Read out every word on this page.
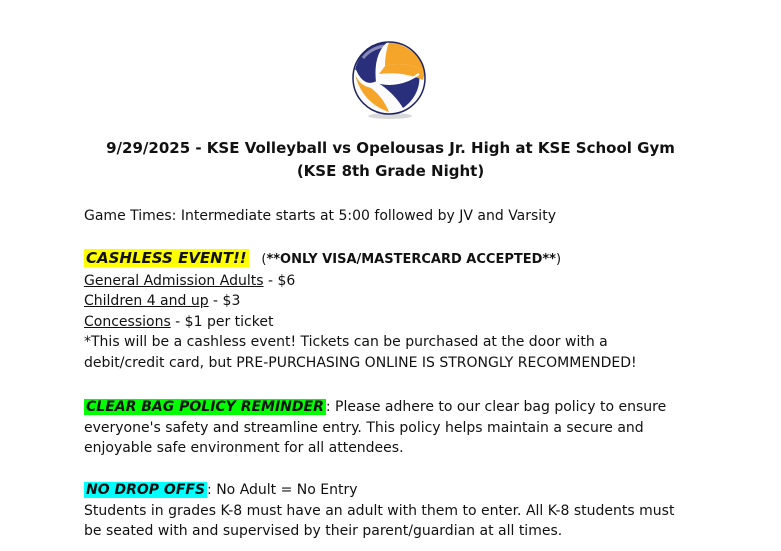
9/29/2025 - KSE Volleyball vs Opelousas Jr. High at KSE School Gym
(KSE 8th Grade Night)
Game Times: Intermediate starts at 5:00 followed by JV and Varsity
CASHLESS EVENT!! (**ONLY VISA/MASTERCARD ACCEPTED**)
General Admission Adults - $6
Children 4 and up - $3
Concessions - $1 per ticket
*This will be a cashless event! Tickets can be purchased at the door with a
debit/credit card, but PRE-PURCHASING ONLINE IS STRONGLY RECOMMENDED!
CLEAR BAG POLICY REMINDER : Please adhere to our clear bag policy to ensure
everyone's safety and streamline entry. This policy helps maintain a secure and
enjoyable safe environment for all attendees.
NO DROP OFFS : No Adult = No Entry
Students in grades K-8 must have an adult with them to enter. All K-8 students must
be seated with and supervised by their parent/guardian at all times.
